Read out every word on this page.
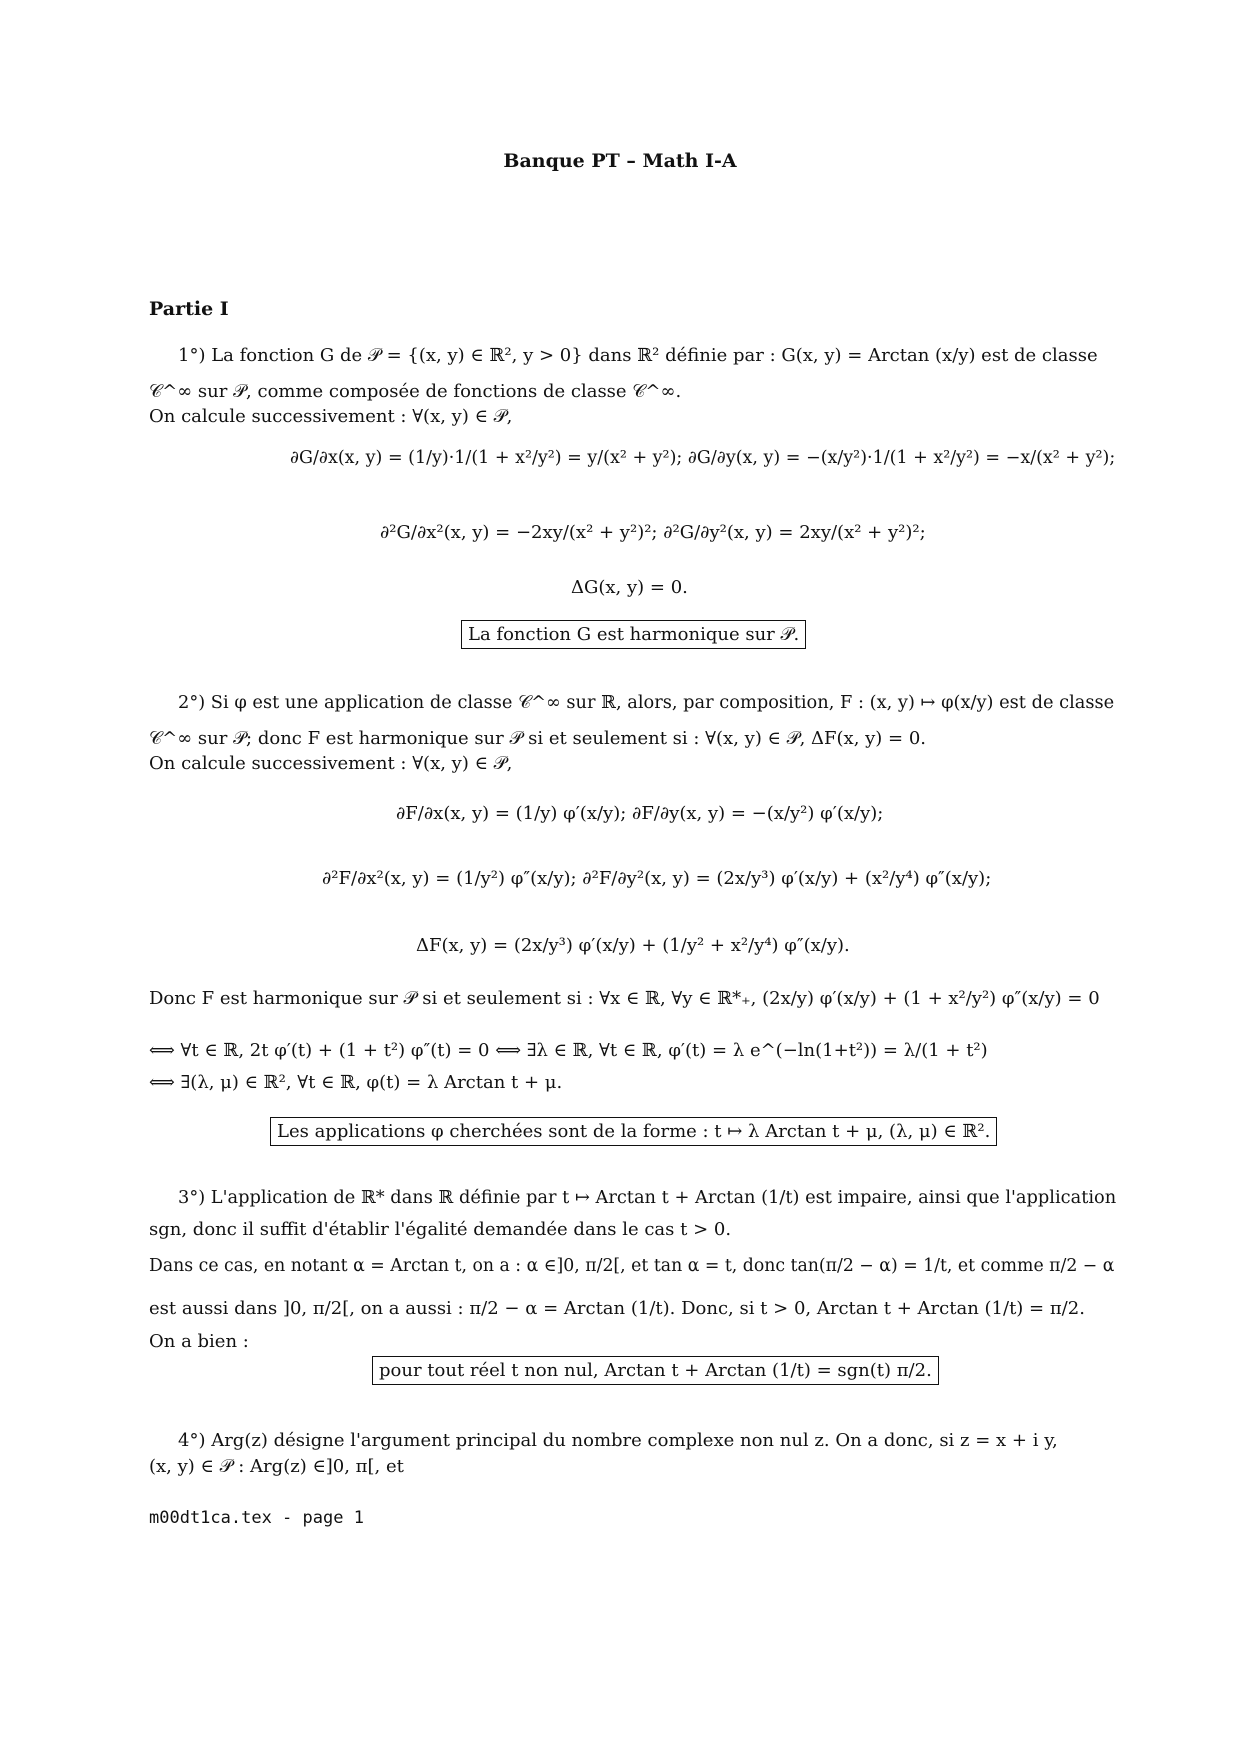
Banque PT – Math I-A
Partie I
1°) La fonction G de 𝒫 = {(x, y) ∈ ℝ², y > 0} dans ℝ² définie par : G(x, y) = Arctan (x/y) est de classe
𝒞^∞ sur 𝒫, comme composée de fonctions de classe 𝒞^∞.
On calcule successivement : ∀(x, y) ∈ 𝒫,
∂G/∂x(x, y) = (1/y)·1/(1 + x²/y²) = y/(x² + y²); ∂G/∂y(x, y) = −(x/y²)·1/(1 + x²/y²) = −x/(x² + y²);
∂²G/∂x²(x, y) = −2xy/(x² + y²)²; ∂²G/∂y²(x, y) = 2xy/(x² + y²)²;
ΔG(x, y) = 0.
La fonction G est harmonique sur 𝒫.
2°) Si φ est une application de classe 𝒞^∞ sur ℝ, alors, par composition, F : (x, y) ↦ φ(x/y) est de classe
𝒞^∞ sur 𝒫; donc F est harmonique sur 𝒫 si et seulement si : ∀(x, y) ∈ 𝒫, ΔF(x, y) = 0.
On calcule successivement : ∀(x, y) ∈ 𝒫,
∂F/∂x(x, y) = (1/y) φ′(x/y); ∂F/∂y(x, y) = −(x/y²) φ′(x/y);
∂²F/∂x²(x, y) = (1/y²) φ″(x/y); ∂²F/∂y²(x, y) = (2x/y³) φ′(x/y) + (x²/y⁴) φ″(x/y);
ΔF(x, y) = (2x/y³) φ′(x/y) + (1/y² + x²/y⁴) φ″(x/y).
Donc F est harmonique sur 𝒫 si et seulement si : ∀x ∈ ℝ, ∀y ∈ ℝ*₊, (2x/y) φ′(x/y) + (1 + x²/y²) φ″(x/y) = 0
⟺ ∀t ∈ ℝ, 2t φ′(t) + (1 + t²) φ″(t) = 0 ⟺ ∃λ ∈ ℝ, ∀t ∈ ℝ, φ′(t) = λ e^(−ln(1+t²)) = λ/(1 + t²)
⟺ ∃(λ, μ) ∈ ℝ², ∀t ∈ ℝ, φ(t) = λ Arctan t + μ.
Les applications φ cherchées sont de la forme : t ↦ λ Arctan t + μ, (λ, μ) ∈ ℝ².
3°) L'application de ℝ* dans ℝ définie par t ↦ Arctan t + Arctan (1/t) est impaire, ainsi que l'application
sgn, donc il suffit d'établir l'égalité demandée dans le cas t > 0.
Dans ce cas, en notant α = Arctan t, on a : α ∈]0, π/2[, et tan α = t, donc tan(π/2 − α) = 1/t, et comme π/2 − α
est aussi dans ]0, π/2[, on a aussi : π/2 − α = Arctan (1/t). Donc, si t > 0, Arctan t + Arctan (1/t) = π/2.
On a bien :
pour tout réel t non nul, Arctan t + Arctan (1/t) = sgn(t) π/2.
4°) Arg(z) désigne l'argument principal du nombre complexe non nul z. On a donc, si z = x + i y,
(x, y) ∈ 𝒫 : Arg(z) ∈]0, π[, et
m00dt1ca.tex - page 1
